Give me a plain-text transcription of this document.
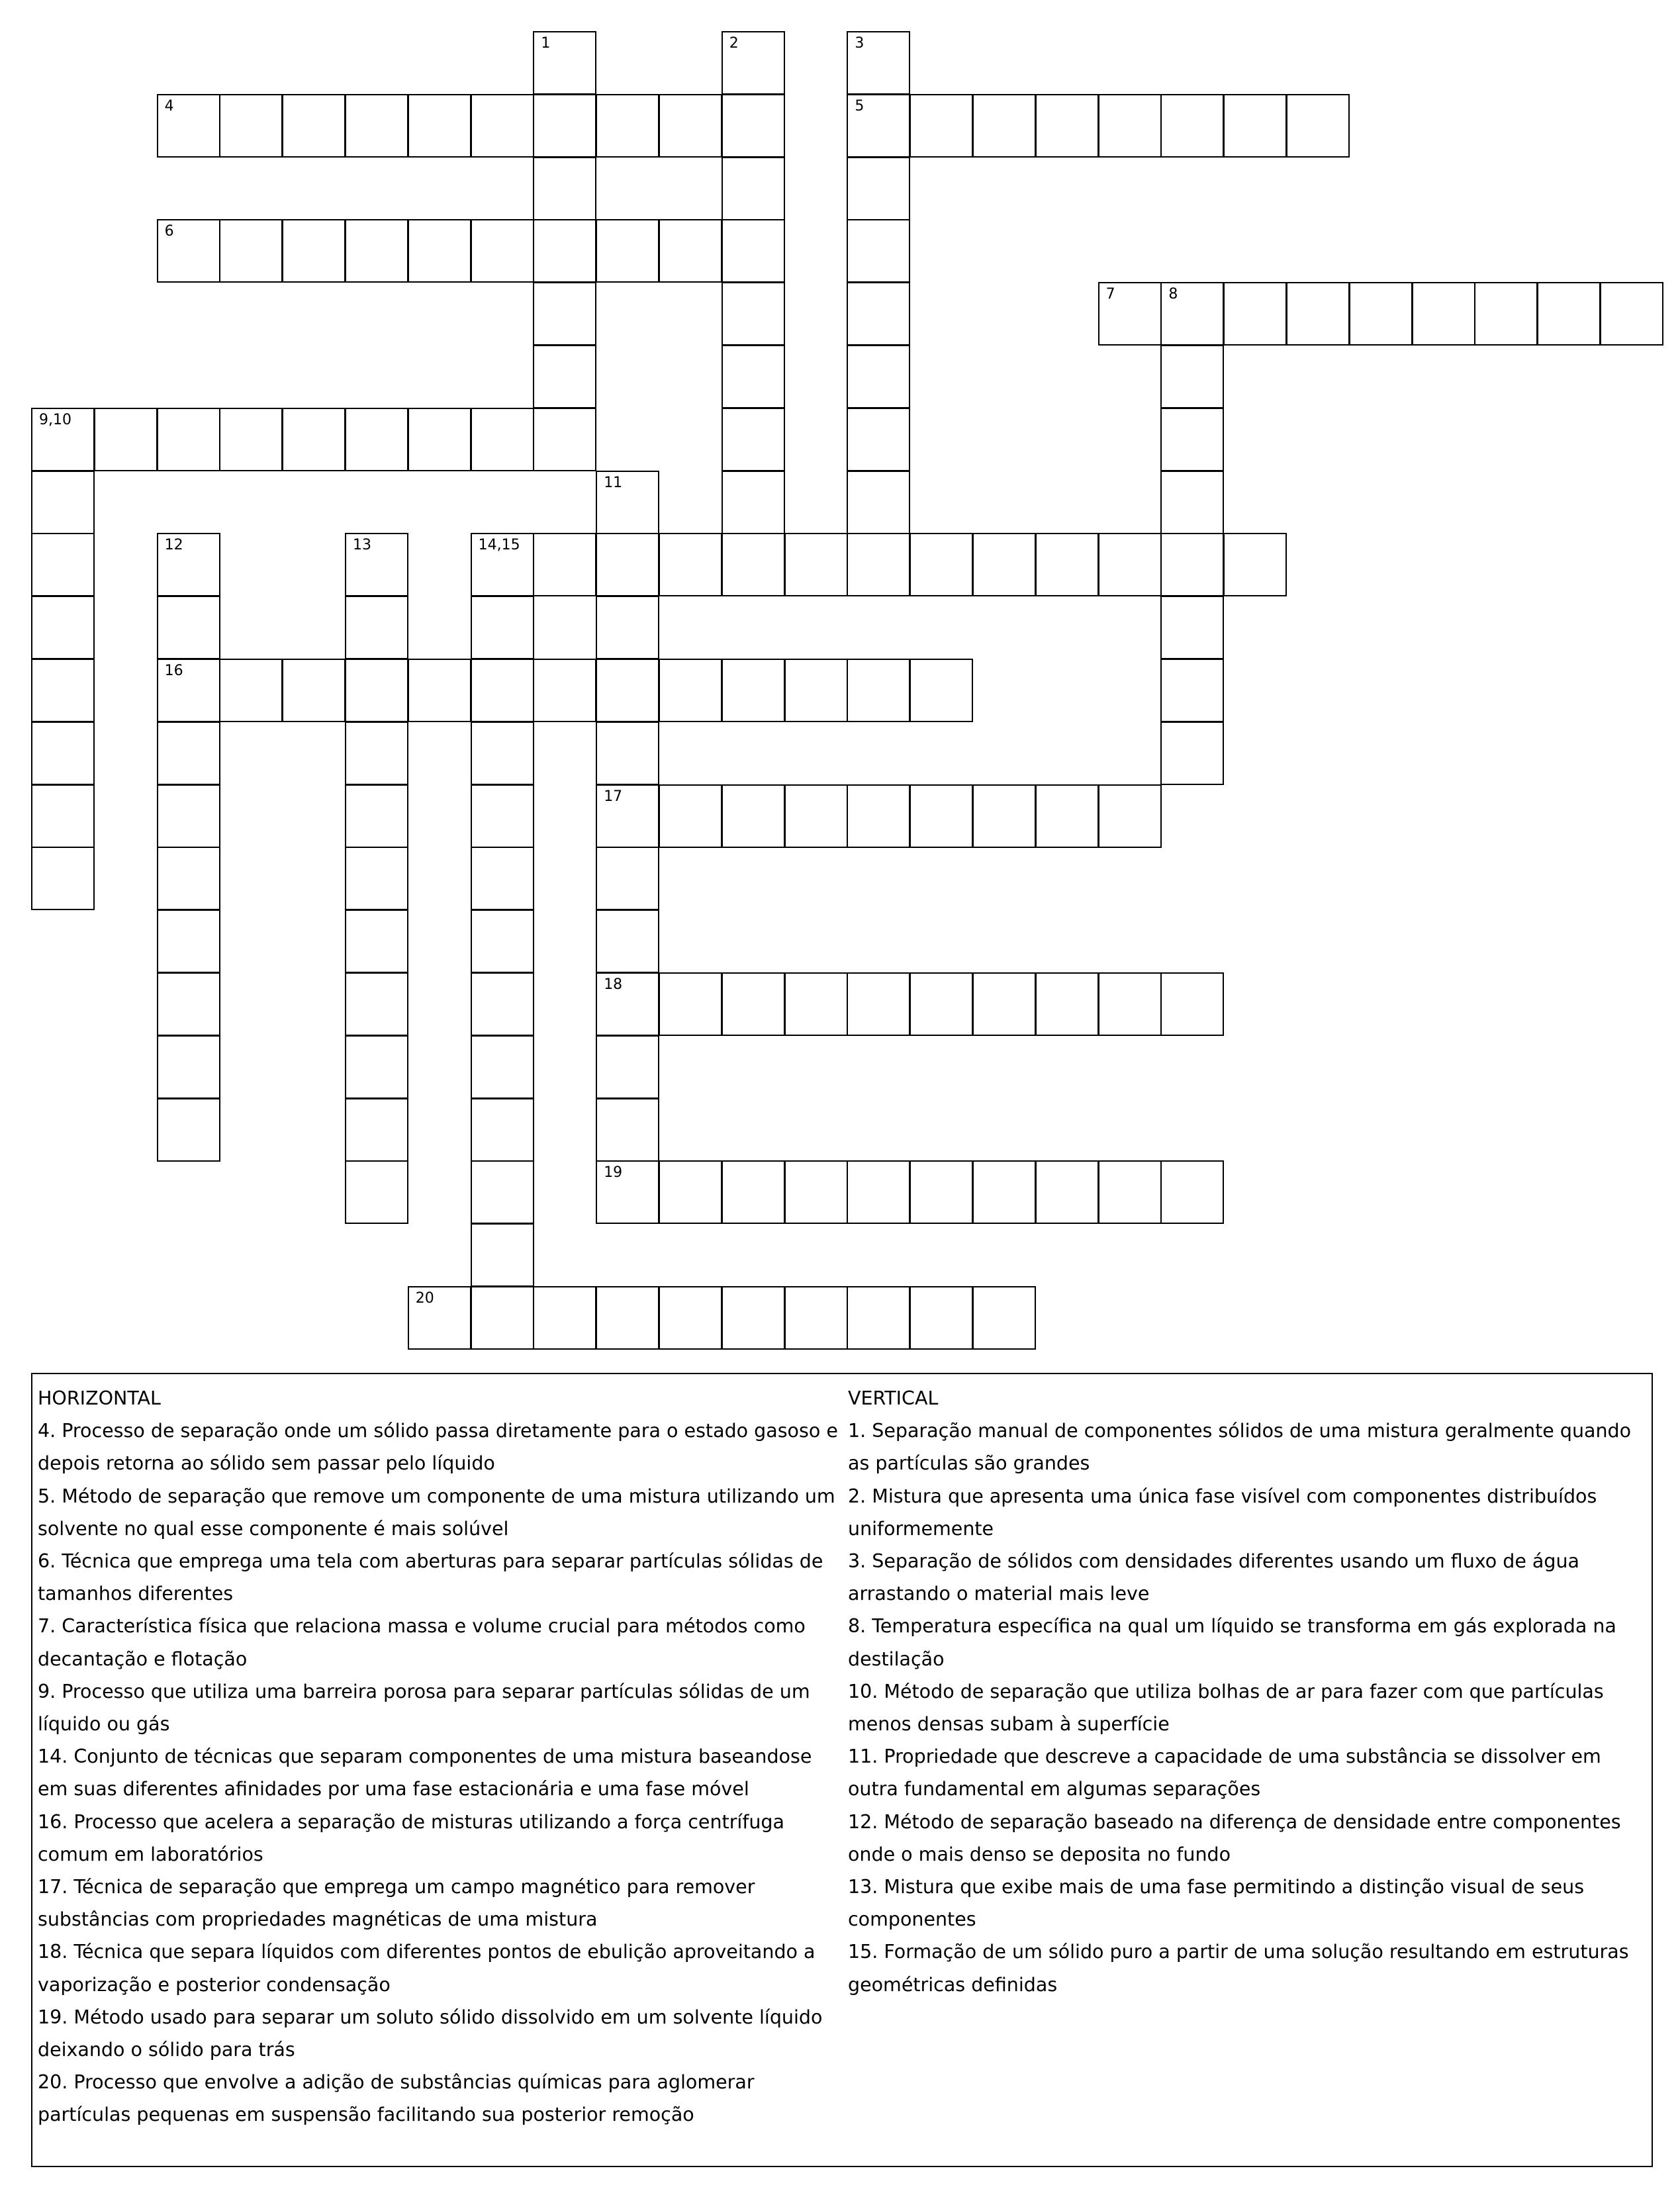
1	2	3
5
4
6
7	8
9,10
11
17
18
12
16
13	14,15
19
20
HORIZONTAL
4. Processo de separação onde um sólido passa diretamente para o estado gasoso e depois retorna ao sólido sem passar pelo líquido
5. Método de separação que remove um componente de uma mistura utilizando um solvente no qual esse componente é mais solúvel
6. Técnica que emprega uma tela com aberturas para separar partículas sólidas de tamanhos diferentes
7. Característica física que relaciona massa e volume crucial para métodos como decantação e flotação
9. Processo que utiliza uma barreira porosa para separar partículas sólidas de um líquido ou gás
14. Conjunto de técnicas que separam componentes de uma mistura baseandose em suas diferentes afinidades por uma fase estacionária e uma fase móvel
16. Processo que acelera a separação de misturas utilizando a força centrífuga comum em laboratórios
17. Técnica de separação que emprega um campo magnético para remover substâncias com propriedades magnéticas de uma mistura
18. Técnica que separa líquidos com diferentes pontos de ebulição aproveitando a vaporização e posterior condensação
19. Método usado para separar um soluto sólido dissolvido em um solvente líquido deixando o sólido para trás
20. Processo que envolve a adição de substâncias químicas para aglomerar partículas pequenas em suspensão facilitando sua posterior remoção
VERTICAL
1. Separação manual de componentes sólidos de uma mistura geralmente quando as partículas são grandes
2. Mistura que apresenta uma única fase visível com componentes distribuídos uniformemente
3. Separação de sólidos com densidades diferentes usando um fluxo de água arrastando o material mais leve
8. Temperatura específica na qual um líquido se transforma em gás explorada na destilação
10. Método de separação que utiliza bolhas de ar para fazer com que partículas menos densas subam à superfície
11. Propriedade que descreve a capacidade de uma substância se dissolver em outra fundamental em algumas separações
12. Método de separação baseado na diferença de densidade entre componentes onde o mais denso se deposita no fundo
13. Mistura que exibe mais de uma fase permitindo a distinção visual de seus componentes
15. Formação de um sólido puro a partir de uma solução resultando em estruturas geométricas definidas
